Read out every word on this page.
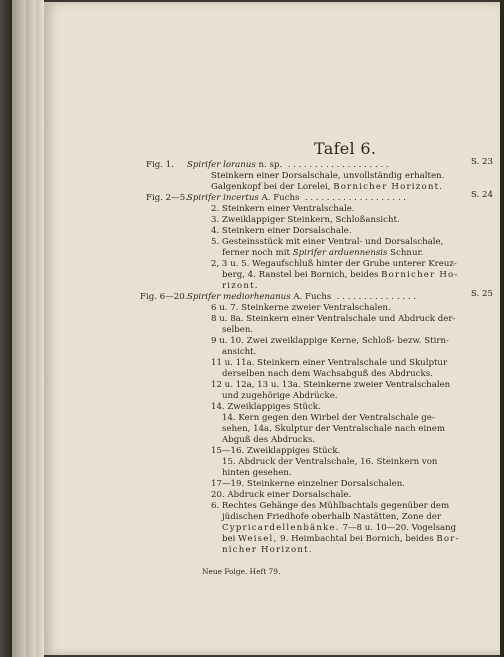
Tafel 6.
Fig. 1. Spirifer loranus n. sp.  . . . . . . . . . . . . . . . . . . .	S. 23
Steinkern einer Dorsalschale, unvollständig erhalten.
Galgenkopf bei der Lorelei, Bornicher Horizont.
Fig. 2—5. Spirifer incertus A. Fuchs  . . . . . . . . . . . . . . . . . . .	S. 24
2. Steinkern einer Ventralschale.
3. Zweiklappiger Steinkern, Schloßansicht.
4. Steinkern einer Dorsalschale.
5. Gesteinsstück mit einer Ventral- und Dorsalschale,
ferner noch mit Spirifer arduennensis Schnur.
2, 3 u. 5. Wegaufschluß hinter der Grube unterer Kreuz-
berg, 4. Ranstel bei Bornich, beides Bornicher Ho-
rizont.
Fig. 6—20. Spirifer mediorhenanus A. Fuchs  . . . . . . . . . . . . . . .	S. 25
6 u. 7. Steinkerne zweier Ventralschalen.
8 u. 8a. Steinkern einer Ventralschale und Abdruck der-
selben.
9 u. 10. Zwei zweiklappige Kerne, Schloß- bezw. Stirn-
ansicht.
11 u. 11a. Steinkern einer Ventralschale und Skulptur
derselben nach dem Wachsabguß des Abdrucks.
12 u. 12a, 13 u. 13a. Steinkerne zweier Ventralschalen
und zugehörige Abdrücke.
14. Zweiklappiges Stück.
14. Kern gegen den Wirbel der Ventralschale ge-
sehen, 14a. Skulptur der Ventralschale nach einem
Abguß des Abdrucks.
15—16. Zweiklappiges Stück.
15. Abdruck der Ventralschale, 16. Steinkern von
hinten gesehen.
17—19. Steinkerne einzelner Dorsalschalen.
20. Abdruck einer Dorsalschale.
6. Rechtes Gehänge des Mühlbachtals gegenüber dem
jüdischen Friedhofe oberhalb Nastätten, Zone der
Cypricardellenbänke. 7—8 u. 10—20. Vogelsang
bei Weisel, 9. Heimbachtal bei Bornich, beides Bor-
nicher Horizont.
Neue Folge. Heft 79.
